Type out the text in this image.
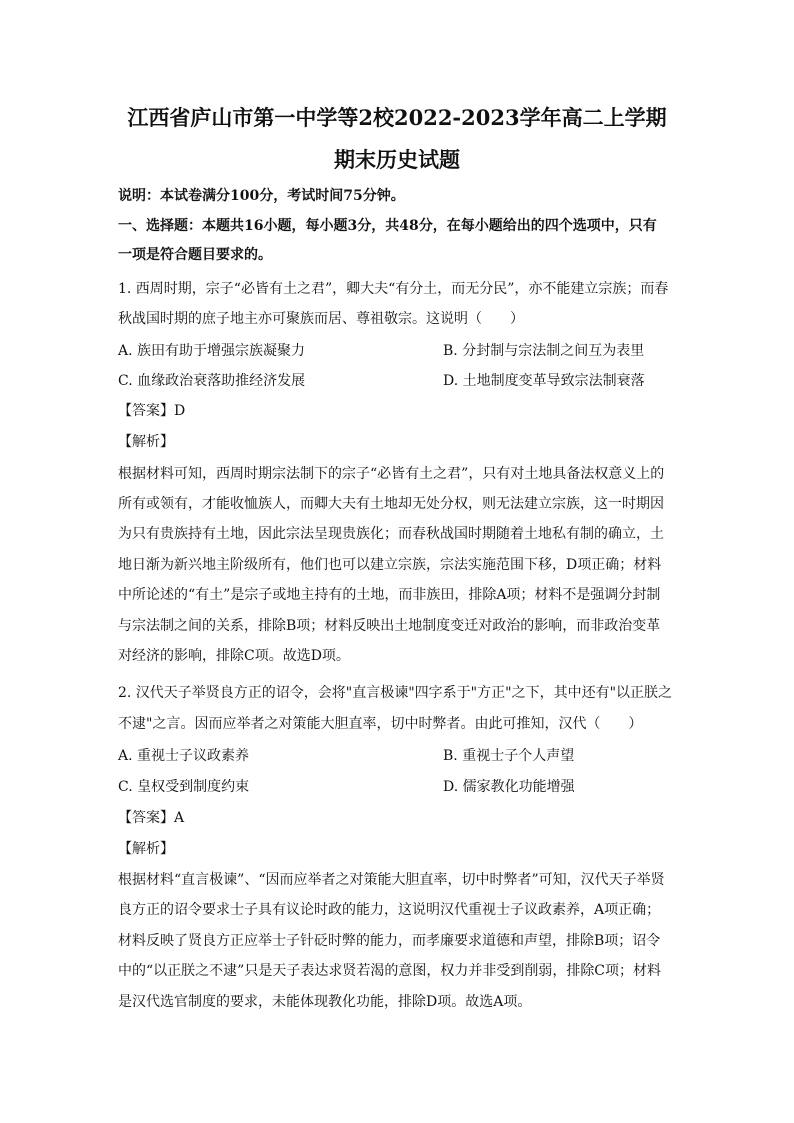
江西省庐山市第一中学等2校2022-2023学年高二上学期
期末历史试题
说明：本试卷满分100分，考试时间75分钟。
一、选择题：本题共16小题，每小题3分，共48分，在每小题给出的四个选项中，只有
一项是符合题目要求的。
1. 西周时期，宗子“必皆有土之君”，卿大夫“有分土，而无分民”，亦不能建立宗族；而春
秋战国时期的庶子地主亦可聚族而居、尊祖敬宗。这说明（　　）
A. 族田有助于增强宗族凝聚力	B. 分封制与宗法制之间互为表里
C. 血缘政治衰落助推经济发展	D. 土地制度变革导致宗法制衰落
【答案】D
【解析】
根据材料可知，西周时期宗法制下的宗子“必皆有土之君”，只有对土地具备法权意义上的
所有或领有，才能收恤族人，而卿大夫有土地却无处分权，则无法建立宗族，这一时期因
为只有贵族持有土地，因此宗法呈现贵族化；而春秋战国时期随着土地私有制的确立，土
地日渐为新兴地主阶级所有，他们也可以建立宗族，宗法实施范围下移，D项正确；材料
中所论述的“有土”是宗子或地主持有的土地，而非族田，排除A项；材料不是强调分封制
与宗法制之间的关系，排除B项；材料反映出土地制度变迁对政治的影响，而非政治变革
对经济的影响，排除C项。故选D项。
2. 汉代天子举贤良方正的诏令，会将"直言极谏"四字系于"方正"之下，其中还有"以正朕之
不逮"之言。因而应举者之对策能大胆直率，切中时弊者。由此可推知，汉代（　　）
A. 重视士子议政素养	B. 重视士子个人声望
C. 皇权受到制度约束	D. 儒家教化功能增强
【答案】A
【解析】
根据材料“直言极谏”、“因而应举者之对策能大胆直率，切中时弊者”可知，汉代天子举贤
良方正的诏令要求士子具有议论时政的能力，这说明汉代重视士子议政素养，A项正确；
材料反映了贤良方正应举士子针砭时弊的能力，而孝廉要求道德和声望，排除B项；诏令
中的“以正朕之不逮”只是天子表达求贤若渴的意图，权力并非受到削弱，排除C项；材料
是汉代选官制度的要求，未能体现教化功能，排除D项。故选A项。
